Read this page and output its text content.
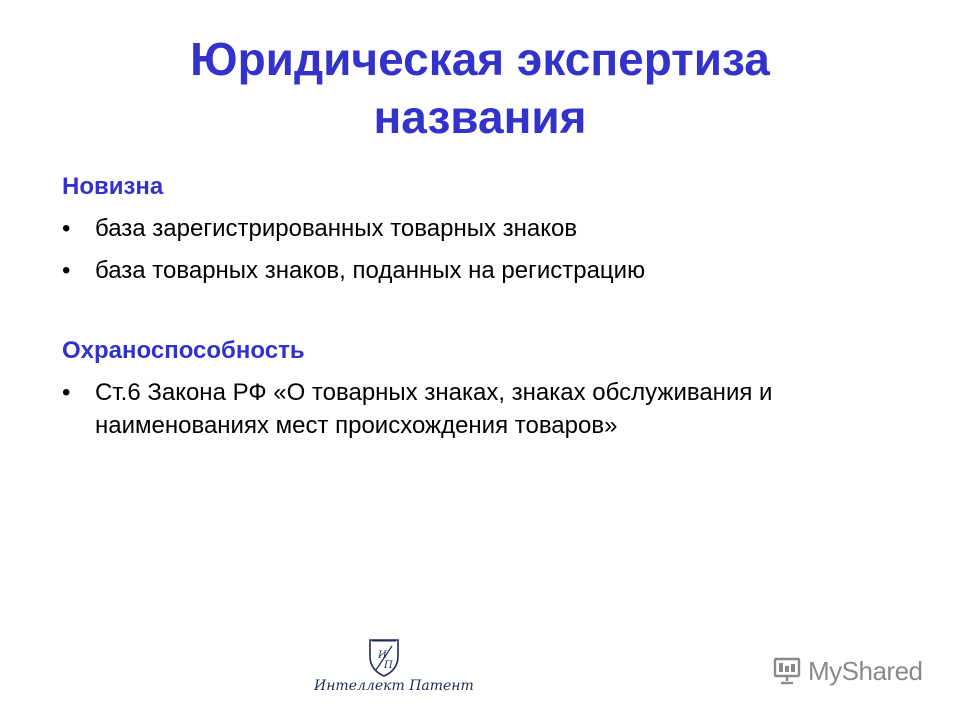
Юридическая экспертиза
названия
Новизна
• база зарегистрированных товарных знаков
• база товарных знаков, поданных на регистрацию
Охраноспособность
• Ст.6 Закона РФ «О товарных знаках, знаках обслуживания и наименованиях мест происхождения товаров»
И
П
Интеллект Патент
MyShared
